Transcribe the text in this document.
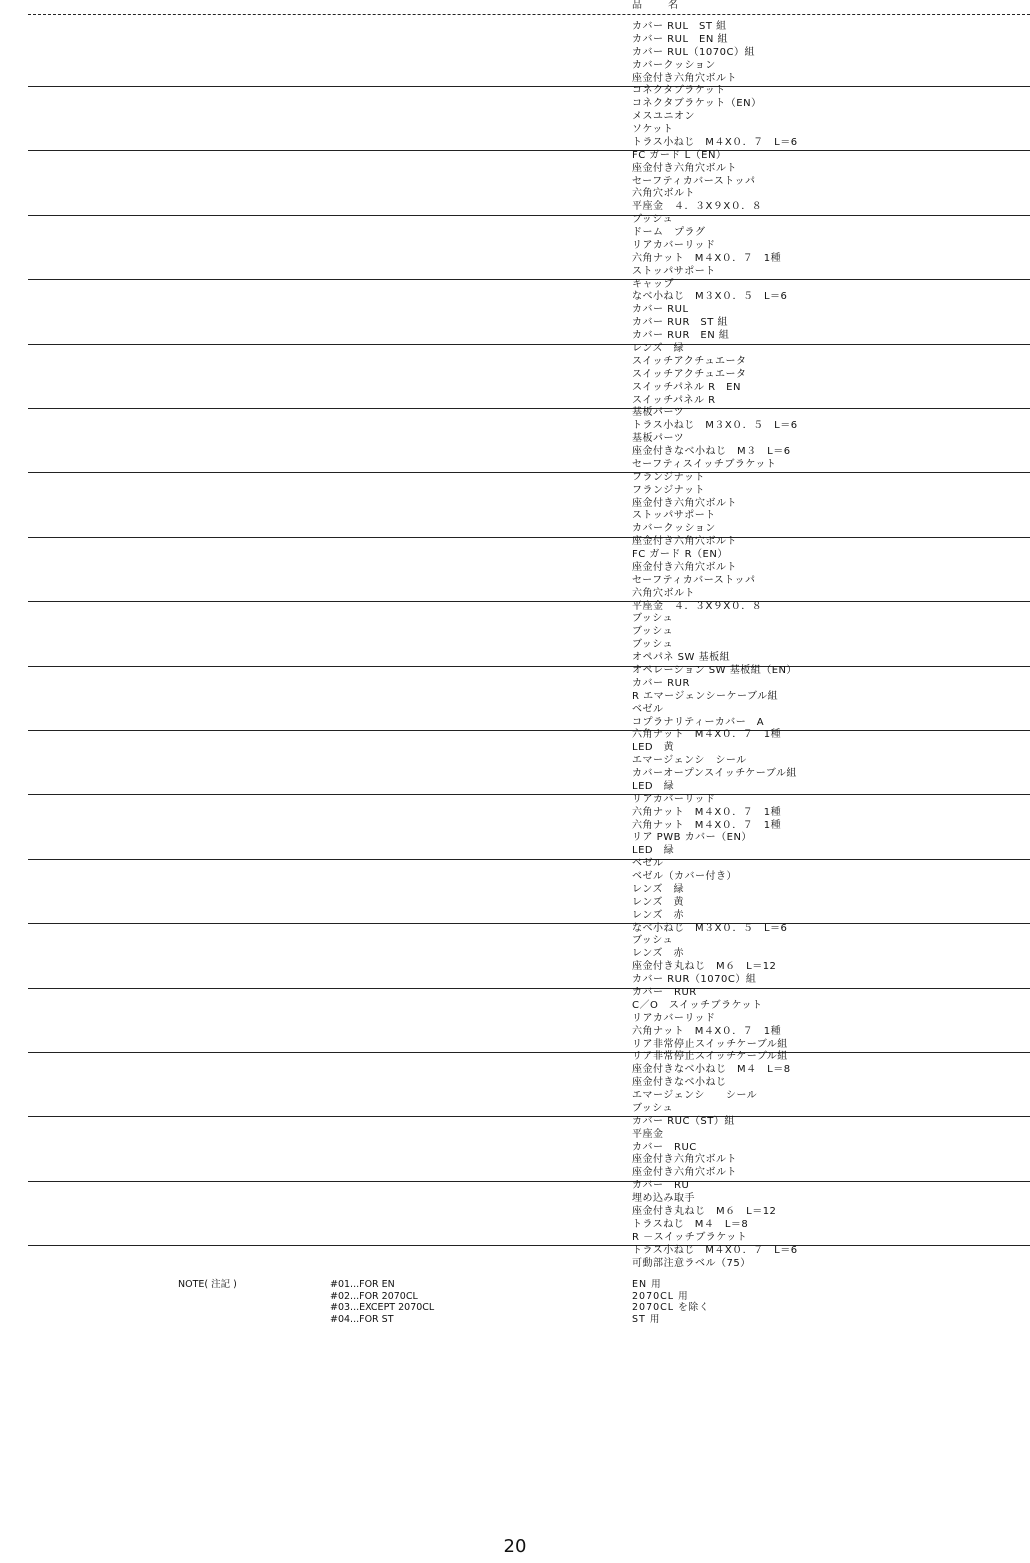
品　名
カバー RUL　ST 組
カバー RUL　EN 組
カバー RUL（1070C）組
カバークッション
座金付き六角穴ボルト
コネクタブラケット
コネクタブラケット（EN）
メスユニオン
ソケット
トラス小ねじ　M４X０．７　L＝6
FC ガード L（EN）
座金付き六角穴ボルト
セーフティカバーストッパ
六角穴ボルト
平座金　４．３X９X０．８
ブッシュ
ドーム　プラグ
リアカバーリッド
六角ナット　M４X０．７　1種
ストッパサポート
キャップ
なべ小ねじ　M３X０．５　L＝6
カバー RUL
カバー RUR　ST 組
カバー RUR　EN 組
レンズ　緑
スイッチアクチュエータ
スイッチアクチュエータ
スイッチパネル R　EN
スイッチパネル R
基板パーツ
トラス小ねじ　M３X０．５　L＝6
基板パーツ
座金付きなべ小ねじ　M３　L＝6
セーフティスイッチブラケット
フランジナット
フランジナット
座金付き六角穴ボルト
ストッパサポート
カバークッション
座金付き六角穴ボルト
FC ガード R（EN）
座金付き六角穴ボルト
セーフティカバーストッパ
六角穴ボルト
平座金　４．３X９X０．８
ブッシュ
ブッシュ
ブッシュ
オペパネ SW 基板組
オペレーション SW 基板組（EN）
カバー RUR
R エマージェンシーケーブル組
ベゼル
コプラナリティーカバー　A
六角ナット　M４X０．７　1種
LED　黄
エマージェンシ　シール
カバーオープンスイッチケーブル組
LED　緑
リアカバーリッド
六角ナット　M４X０．７　1種
六角ナット　M４X０．７　1種
リア PWB カバー（EN）
LED　緑
ベゼル
ベゼル（カバー付き）
レンズ　緑
レンズ　黄
レンズ　赤
なべ小ねじ　M３X０．５　L＝6
ブッシュ
レンズ　赤
座金付き丸ねじ　M６　L＝12
カバー RUR（1070C）組
カバー　RUR
C／O　スイッチブラケット
リアカバーリッド
六角ナット　M４X０．７　1種
リア非常停止スイッチケーブル組
リア非常停止スイッチケーブル組
座金付きなべ小ねじ　M４　L＝8
座金付きなべ小ねじ
エマージェンシ　　シール
ブッシュ
カバー RUC（ST）組
平座金
カバー　RUC
座金付き六角穴ボルト
座金付き六角穴ボルト
カバー　RU
埋め込み取手
座金付き丸ねじ　M６　L＝12
トラスねじ　M４　L＝8
R －スイッチブラケット
トラス小ねじ　M４X０．７　L＝6
可動部注意ラベル（75）
NOTE( 注記 )	#01...FOR EN
#02...FOR 2070CL
#03...EXCEPT 2070CL
#04...FOR ST
EN 用
2070CL 用
2070CL を除く
ST 用
20
